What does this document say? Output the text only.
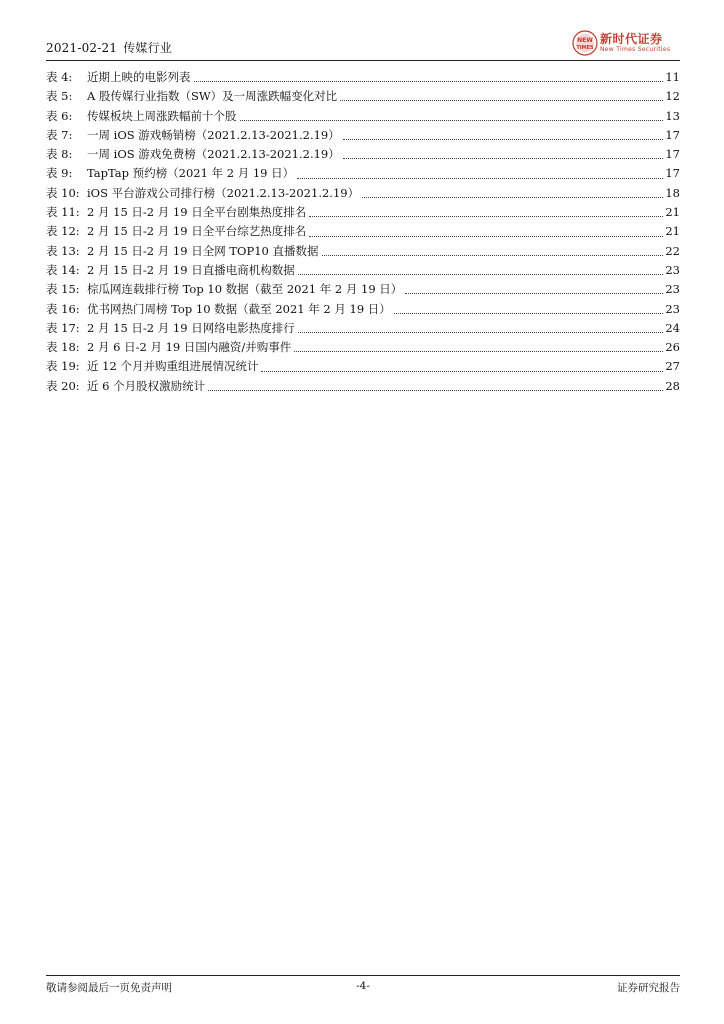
2021-02-21 传媒行业
NEW
TIMES
新时代证券
New Times Securities
表 4:	近期上映的电影列表	11
表 5:	A 股传媒行业指数（SW）及一周涨跌幅变化对比	12
表 6:	传媒板块上周涨跌幅前十个股	13
表 7:	一周 iOS 游戏畅销榜（2021.2.13-2021.2.19）	17
表 8:	一周 iOS 游戏免费榜（2021.2.13-2021.2.19）	17
表 9:	TapTap 预约榜（2021 年 2 月 19 日）	17
表 10: iOS 平台游戏公司排行榜（2021.2.13-2021.2.19）	18
表 11: 2 月 15 日-2 月 19 日全平台剧集热度排名	21
表 12: 2 月 15 日-2 月 19 日全平台综艺热度排名	21
表 13: 2 月 15 日-2 月 19 日全网 TOP10 直播数据	22
表 14: 2 月 15 日-2 月 19 日直播电商机构数据	23
表 15: 棕瓜网连载排行榜 Top 10 数据（截至 2021 年 2 月 19 日）	23
表 16: 优书网热门周榜 Top 10 数据（截至 2021 年 2 月 19 日）	23
表 17: 2 月 15 日-2 月 19 日网络电影热度排行	24
表 18: 2 月 6 日-2 月 19 日国内融资/并购事件	26
表 19: 近 12 个月并购重组进展情况统计	27
表 20: 近 6 个月股权激励统计	28
敬请参阅最后一页免责声明	-4-	证券研究报告
